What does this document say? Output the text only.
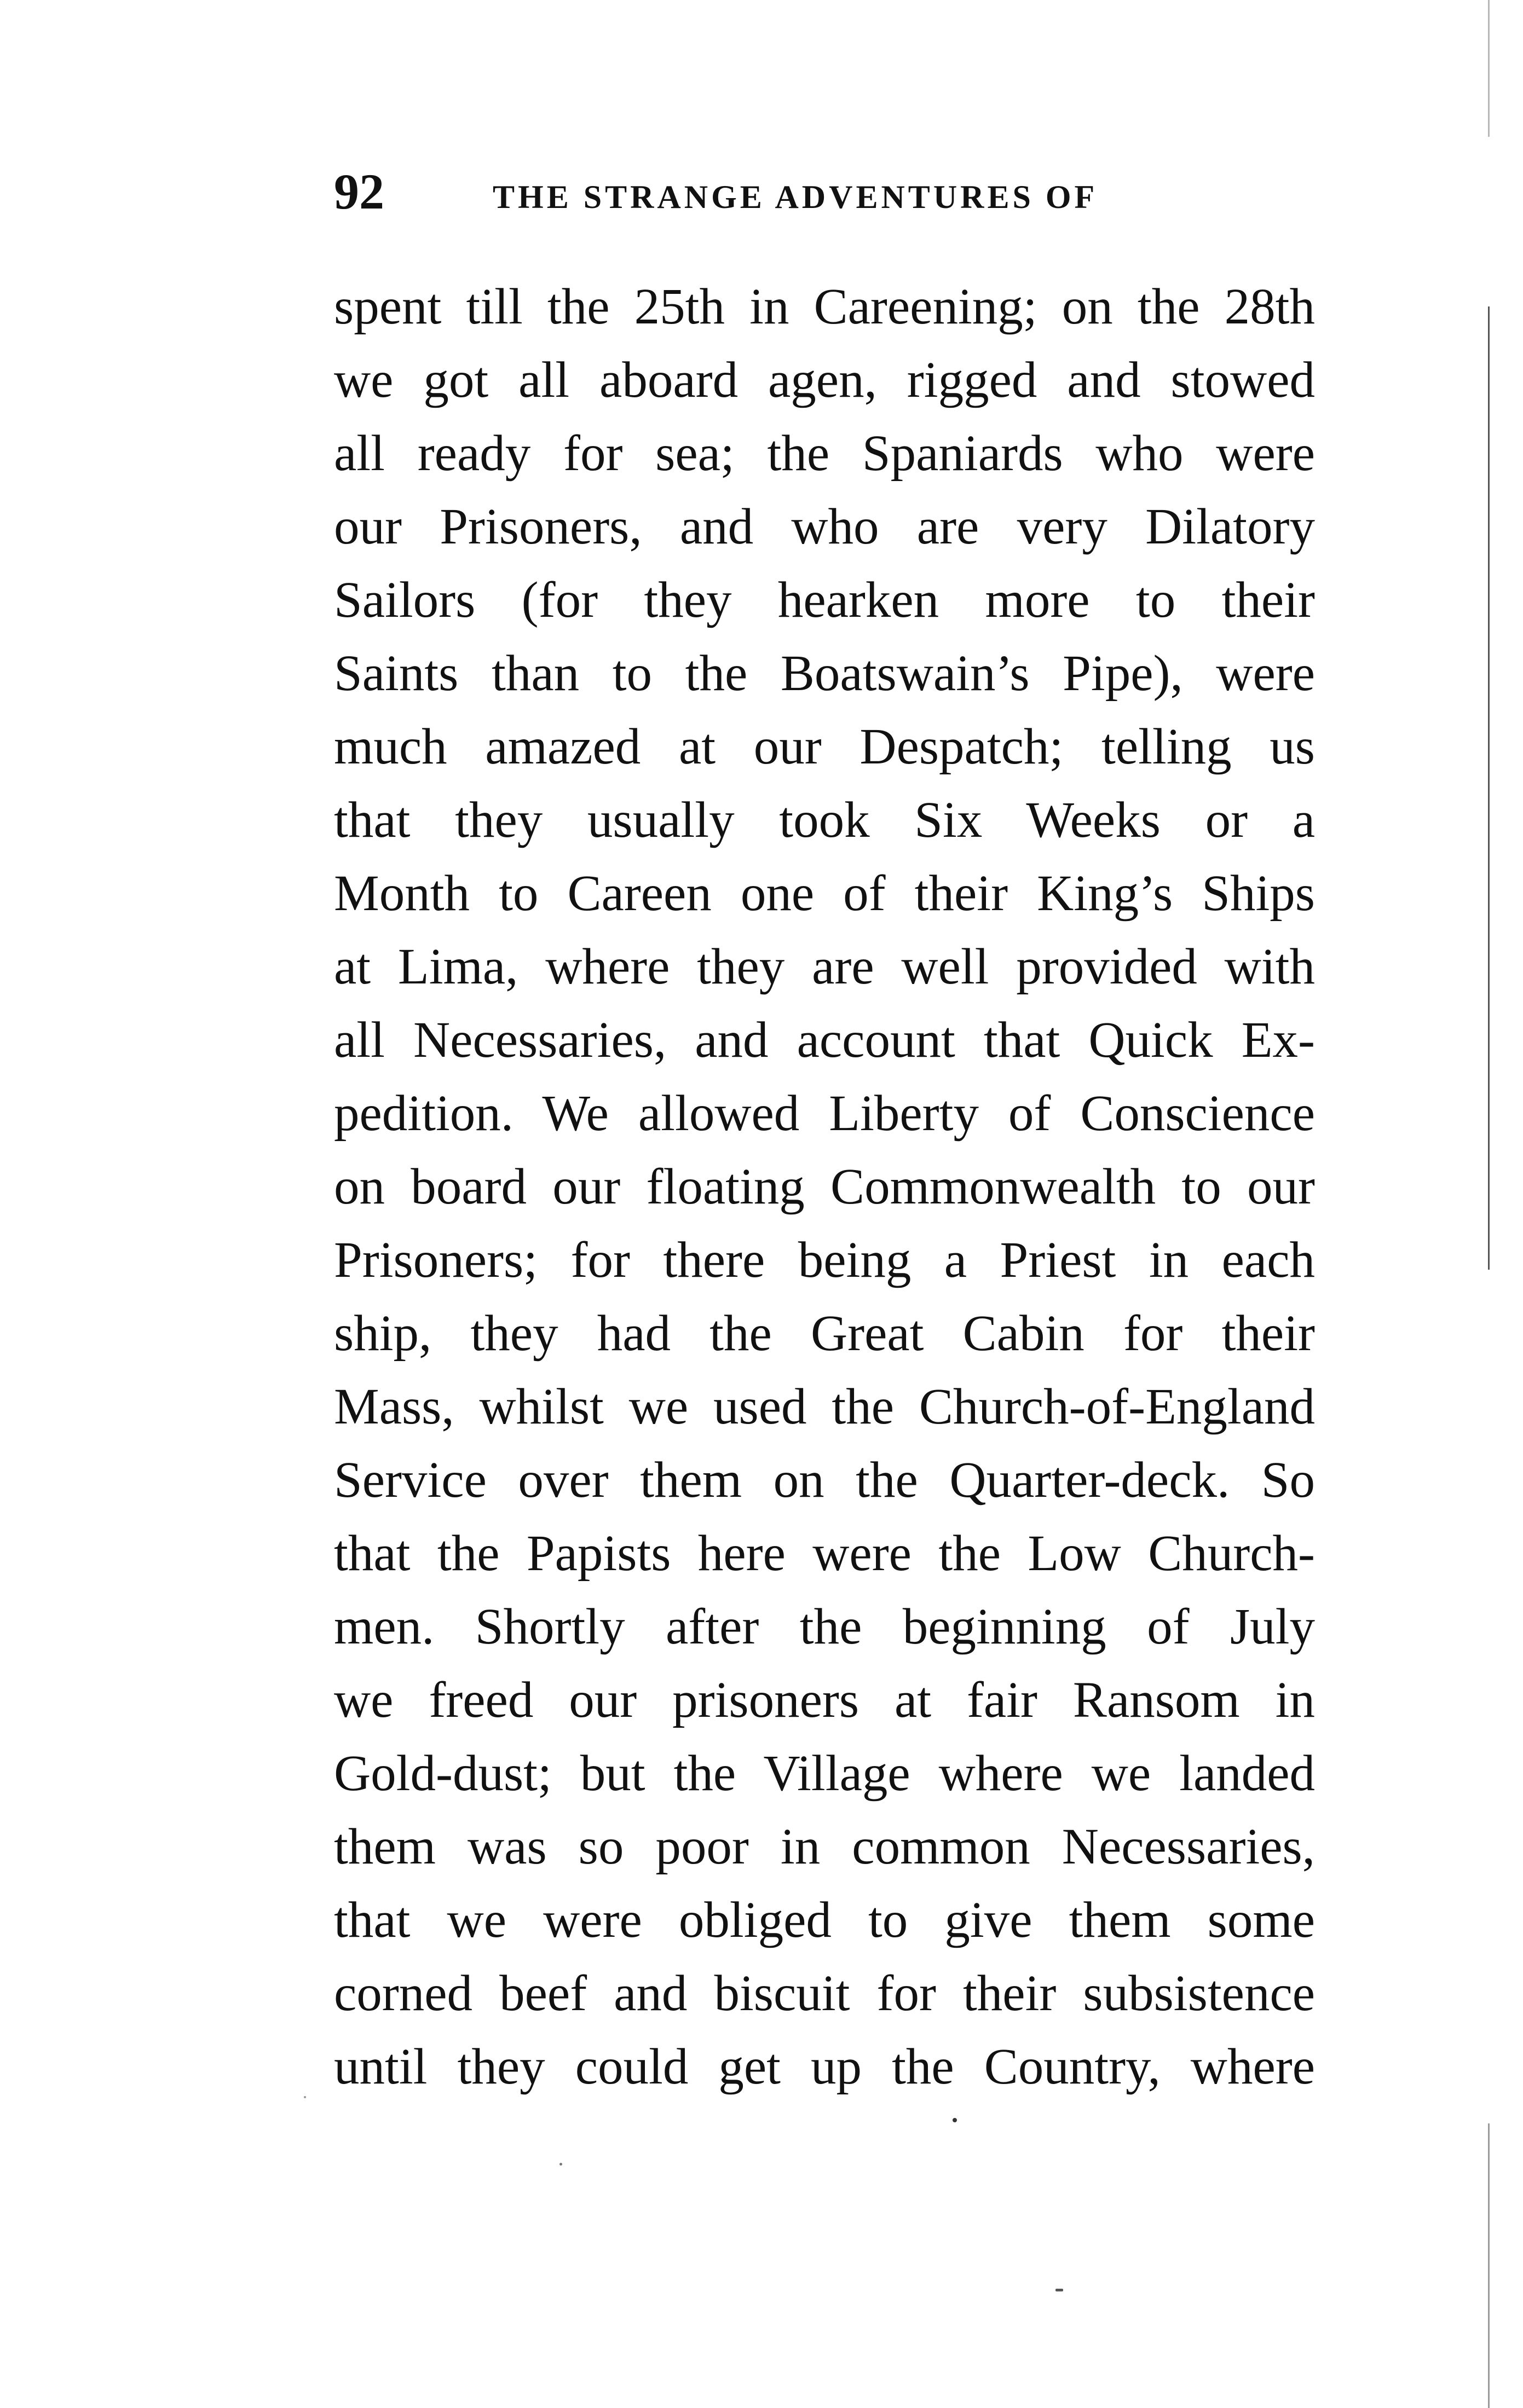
92	THE STRANGE ADVENTURES OF
spent till the 25th in Careening; on the 28th
we got all aboard agen, rigged and stowed
all ready for sea; the Spaniards who were
our Prisoners, and who are very Dilatory
Sailors (for they hearken more to their
Saints than to the Boatswain’s Pipe), were
much amazed at our Despatch; telling us
that they usually took Six Weeks or a
Month to Careen one of their King’s Ships
at Lima, where they are well provided with
all Necessaries, and account that Quick Ex-
pedition. We allowed Liberty of Conscience
on board our floating Commonwealth to our
Prisoners; for there being a Priest in each
ship, they had the Great Cabin for their
Mass, whilst we used the Church-of-England
Service over them on the Quarter-deck. So
that the Papists here were the Low Church-
men. Shortly after the beginning of July
we freed our prisoners at fair Ransom in
Gold-dust; but the Village where we landed
them was so poor in common Necessaries,
that we were obliged to give them some
corned beef and biscuit for their subsistence
until they could get up the Country, where
